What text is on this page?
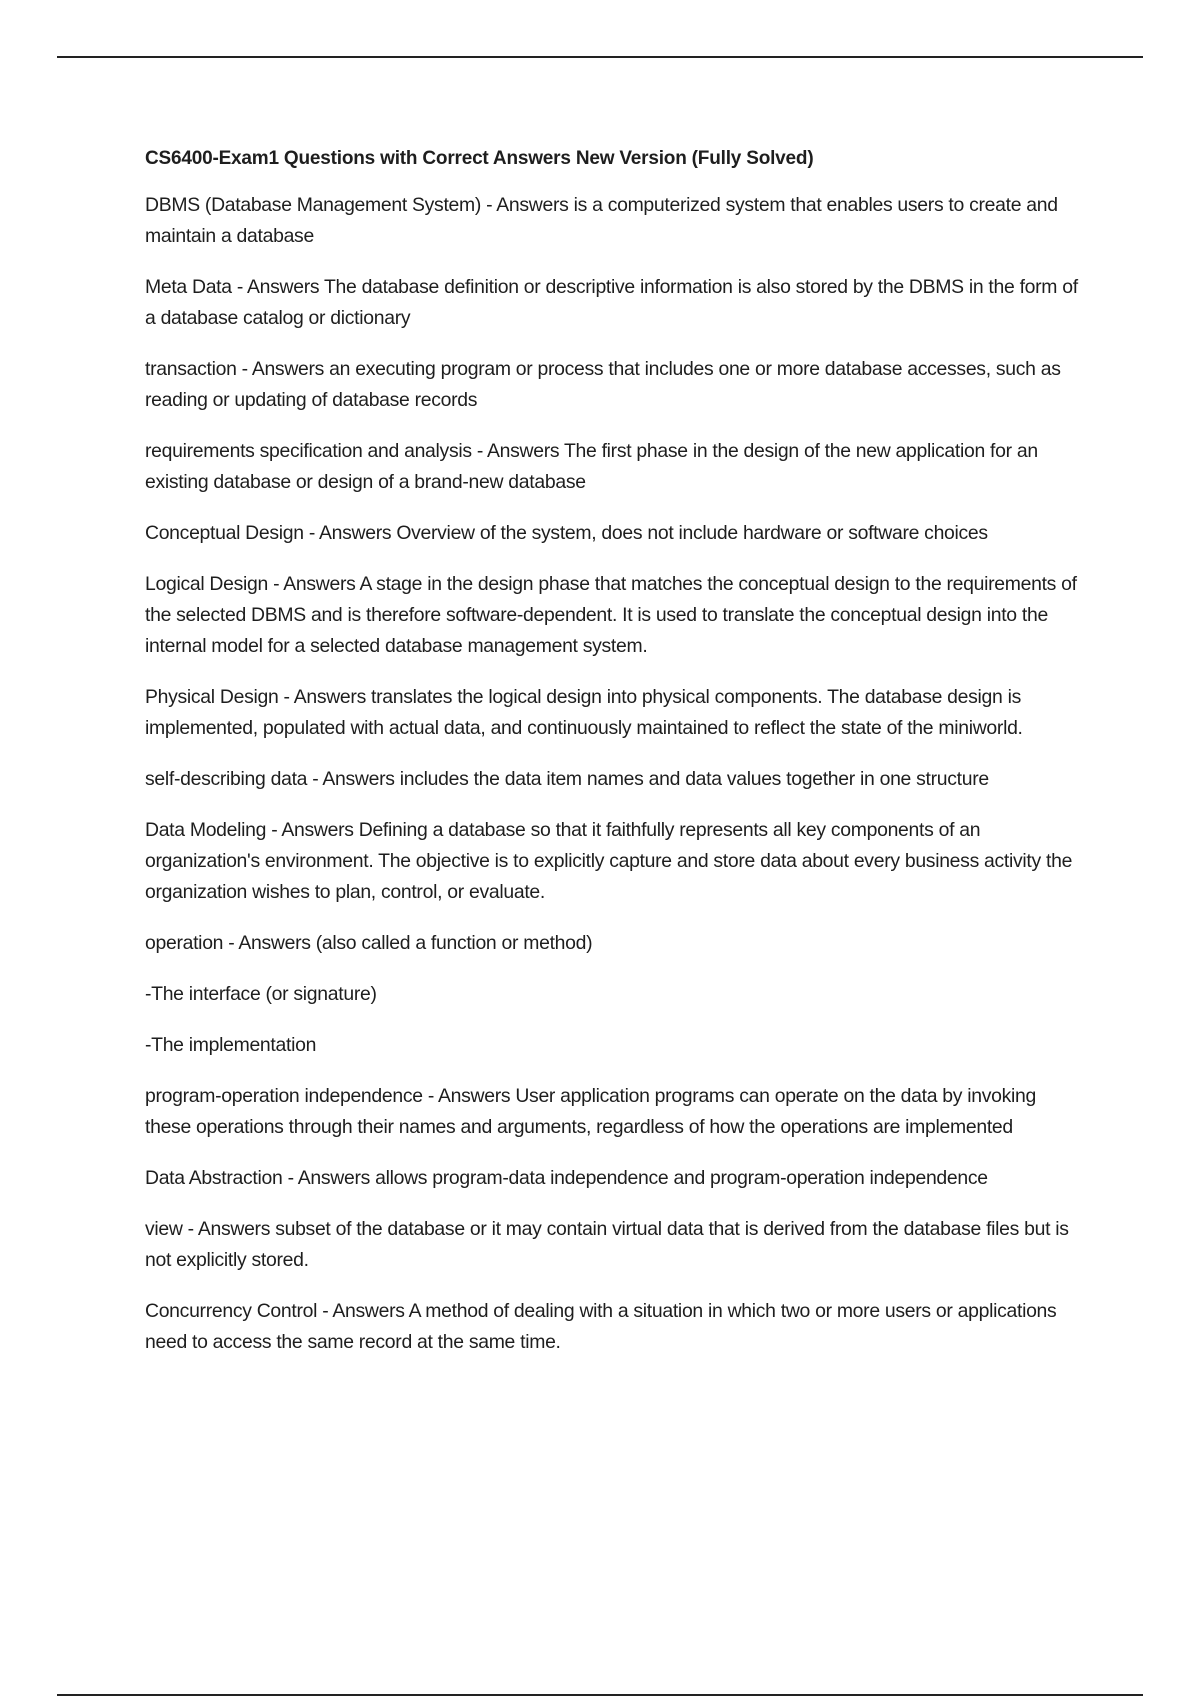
CS6400-Exam1 Questions with Correct Answers New Version (Fully Solved)

DBMS (Database Management System) - Answers is a computerized system that enables users to create and maintain a database

Meta Data - Answers The database definition or descriptive information is also stored by the DBMS in the form of a database catalog or dictionary

transaction - Answers an executing program or process that includes one or more database accesses, such as reading or updating of database records

requirements specification and analysis - Answers The first phase in the design of the new application for an existing database or design of a brand-new database

Conceptual Design - Answers Overview of the system, does not include hardware or software choices

Logical Design - Answers A stage in the design phase that matches the conceptual design to the requirements of the selected DBMS and is therefore software-dependent. It is used to translate the conceptual design into the internal model for a selected database management system.

Physical Design - Answers translates the logical design into physical components. The database design is implemented, populated with actual data, and continuously maintained to reflect the state of the miniworld.

self-describing data - Answers includes the data item names and data values together in one structure

Data Modeling - Answers Defining a database so that it faithfully represents all key components of an organization's environment. The objective is to explicitly capture and store data about every business activity the organization wishes to plan, control, or evaluate.

operation - Answers (also called a function or method)

-The interface (or signature)

-The implementation

program-operation independence - Answers User application programs can operate on the data by invoking these operations through their names and arguments, regardless of how the operations are implemented

Data Abstraction - Answers allows program-data independence and program-operation independence

view - Answers subset of the database or it may contain virtual data that is derived from the database files but is not explicitly stored.

Concurrency Control - Answers A method of dealing with a situation in which two or more users or applications need to access the same record at the same time.
